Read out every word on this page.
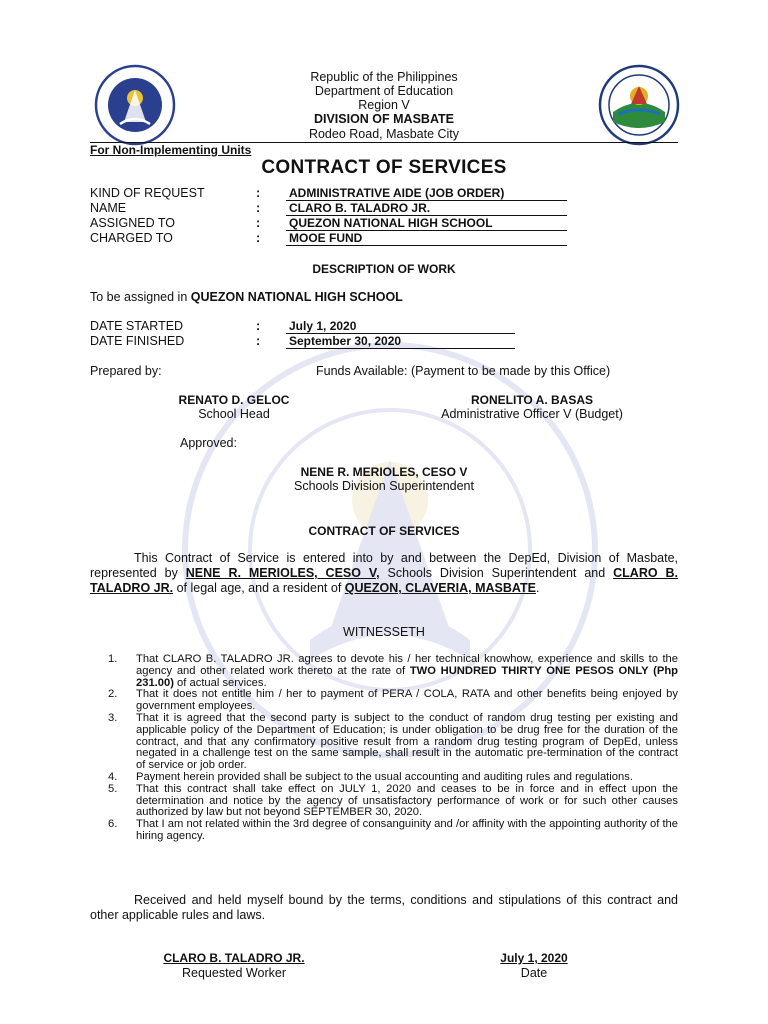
Republic of the Philippines
Department of Education
Region V
DIVISION OF MASBATE
Rodeo Road, Masbate City
For Non-Implementing Units
CONTRACT OF SERVICES
KIND OF REQUEST	: ADMINISTRATIVE AIDE (JOB ORDER)
NAME	: CLARO B. TALADRO JR.
ASSIGNED TO	: QUEZON NATIONAL HIGH SCHOOL
CHARGED TO	: MOOE FUND
DESCRIPTION OF WORK
To be assigned in QUEZON NATIONAL HIGH SCHOOL
DATE STARTED	: July 1, 2020
DATE FINISHED	: September 30, 2020
Prepared by:	Funds Available: (Payment to be made by this Office)
RENATO D. GELOC
School Head
RONELITO A. BASAS
Administrative Officer V (Budget)
Approved:
NENE R. MERIOLES, CESO V
Schools Division Superintendent
CONTRACT OF SERVICES
This Contract of Service is entered into by and between the DepEd, Division of Masbate, represented by NENE R. MERIOLES, CESO V, Schools Division Superintendent and CLARO B. TALADRO JR. of legal age, and a resident of QUEZON, CLAVERIA, MASBATE.
WITNESSETH
1. That CLARO B. TALADRO JR. agrees to devote his / her technical knowhow, experience and skills to the agency and other related work thereto at the rate of TWO HUNDRED THIRTY ONE PESOS ONLY (Php 231.00) of actual services.
2. That it does not entitle him / her to payment of PERA / COLA, RATA and other benefits being enjoyed by government employees.
3. That it is agreed that the second party is subject to the conduct of random drug testing per existing and applicable policy of the Department of Education; is under obligation to be drug free for the duration of the contract, and that any confirmatory positive result from a random drug testing program of DepEd, unless negated in a challenge test on the same sample, shall result in the automatic pre-termination of the contract of service or job order.
4. Payment herein provided shall be subject to the usual accounting and auditing rules and regulations.
5. That this contract shall take effect on JULY 1, 2020 and ceases to be in force and in effect upon the determination and notice by the agency of unsatisfactory performance of work or for such other causes authorized by law but not beyond SEPTEMBER 30, 2020.
6. That I am not related within the 3rd degree of consanguinity and /or affinity with the appointing authority of the hiring agency.
Received and held myself bound by the terms, conditions and stipulations of this contract and other applicable rules and laws.
CLARO B. TALADRO JR.
Requested Worker
July 1, 2020
Date
